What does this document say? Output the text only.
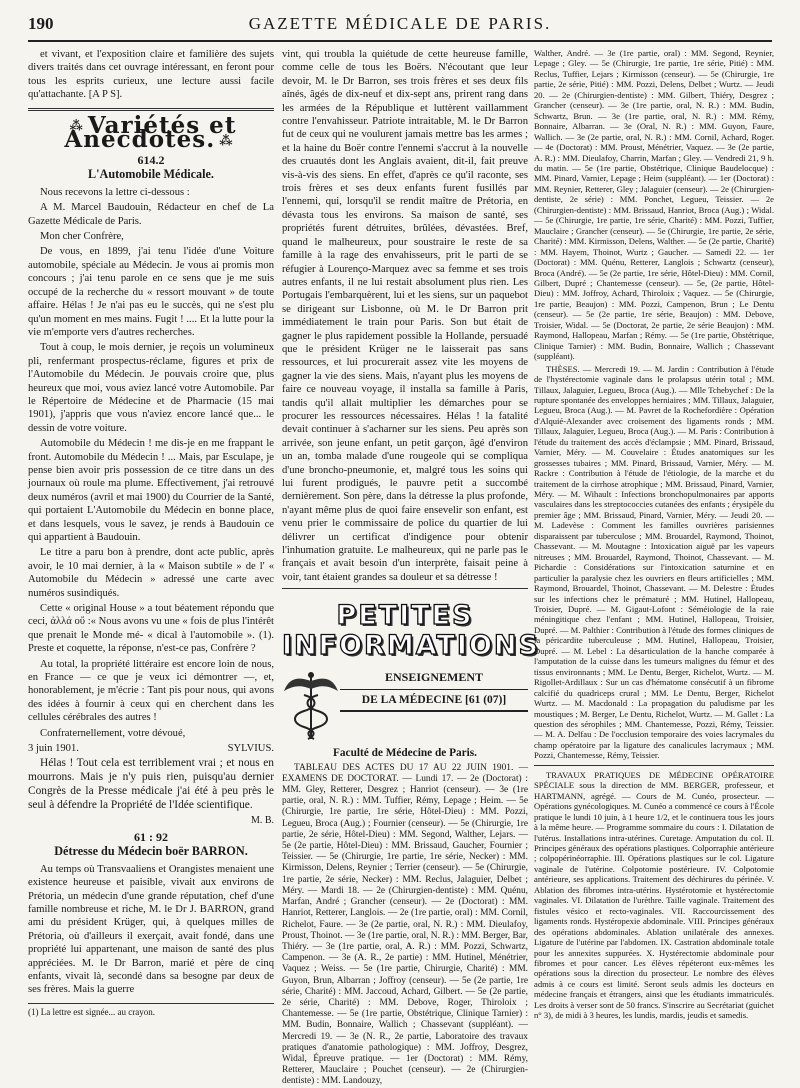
190	GAZETTE MÉDICALE DE PARIS.

et vivant, et l'exposition claire et familière des sujets divers traités dans cet ouvrage intéressant, en feront pour tous les esprits curieux, une lecture aussi facile qu'attachante. [A P S].

⁂ Variétés et Anecdotes. ⁂
614.2
L'Automobile Médicale.

Nous recevons la lettre ci-dessous :

A M. Marcel Baudouin, Rédacteur en chef de La Gazette Médicale de Paris.

Mon cher Confrère,

De vous, en 1899, j'ai tenu l'idée d'une Voiture automobile, spéciale au Médecin. Je vous ai promis mon concours ; j'ai tenu parole en ce sens que je me suis occupé de la recherche du « ressort mouvant » de toute affaire. Hélas ! Je n'ai pas eu le succès, qui ne s'est plu qu'un moment en mes mains. Fugit ! .... Et la lutte pour la vie m'emporte vers d'autres recherches.

Tout à coup, le mois dernier, je reçois un volumineux pli, renfermant prospectus-réclame, figures et prix de l'Automobile du Médecin. Je pouvais croire que, plus heureux que moi, vous aviez lancé votre Automobile. Par le Répertoire de Médecine et de Pharmacie (15 mai 1901), j'appris que vous n'aviez encore lancé que... le dessin de votre voiture.

Automobile du Médecin ! me dis-je en me frappant le front. Automobile du Médecin ! ... Mais, par Esculape, je pense bien avoir pris possession de ce titre dans un des journaux où roule ma plume. Effectivement, j'ai retrouvé deux numéros (avril et mai 1900) du Courrier de la Santé, qui portaient L'Automobile du Médecin en bonne place, et dans lesquels, vous le savez, je rends à Baudouin ce qui appartient à Baudouin.

Le titre a paru bon à prendre, dont acte public, après avoir, le 10 mai dernier, à la « Maison subtile » de l' « Automobile du Médecin » adressé une carte avec numéros susindiqués.

Cette « original House » a tout béatement répondu que ceci, ἀλλά οὔ :« Nous avons vu une « fois de plus l'intérêt que prenait le Monde mé- « dical à l'automobile ». (1). Preste et coquette, la réponse, n'est-ce pas, Confrère ?

Au total, la propriété littéraire est encore loin de nous, en France — ce que je veux ici démontrer —, et, honorablement, je m'écrie : Tant pis pour nous, qui avons des idées à fournir à ceux qui en cherchent dans les cellules cérébrales des autres !

Confraternellement, votre dévoué,

3 juin 1901.	SYLVIUS.

Hélas ! Tout cela est terriblement vrai ; et nous en mourrons. Mais je n'y puis rien, puisqu'au dernier Congrès de la Presse médicale j'ai été à peu près le seul à défendre la Propriété de l'Idée scientifique.

M. B.
61 : 92
Détresse du Médecin boër BARRON.

Au temps où Transvaaliens et Orangistes menaient une existence heureuse et paisible, vivait aux environs de Prétoria, un médecin d'une grande réputation, chef d'une famille nombreuse et riche, M. le Dr J. BARRON, grand ami du président Krüger, qui, à quelques milles de Prétoria, où d'ailleurs il exerçait, avait fondé, dans une propriété lui appartenant, une maison de santé des plus appréciées. M. le Dr Barron, marié et père de cinq enfants, vivait là, secondé dans sa besogne par deux de ses frères. Mais la guerre

(1) La lettre est signée... au crayon.

vint, qui troubla la quiétude de cette heureuse famille, comme celle de tous les Boërs. N'écoutant que leur devoir, M. le Dr Barron, ses trois frères et ses deux fils aînés, âgés de dix-neuf et dix-sept ans, prirent rang dans les armées de la République et luttèrent vaillamment contre l'envahisseur. Patriote intraitable, M. le Dr Barron fut de ceux qui ne voulurent jamais mettre bas les armes ; et la haine du Boër contre l'ennemi s'accrut à la nouvelle des cruautés dont les Anglais avaient, dit-il, fait preuve vis-à-vis des siens. En effet, d'après ce qu'il raconte, ses trois frères et ses deux enfants furent fusillés par l'ennemi, qui, lorsqu'il se rendit maître de Prétoria, en dévasta tous les environs. Sa maison de santé, ses propriétés furent détruites, brûlées, dévastées. Bref, quand le malheureux, pour soustraire le reste de sa famille à la rage des envahisseurs, prit le parti de se réfugier à Lourenço-Marquez avec sa femme et ses trois autres enfants, il ne lui restait absolument plus rien. Les Portugais l'embarquèrent, lui et les siens, sur un paquebot se dirigeant sur Lisbonne, où M. le Dr Barron prit immédiatement le train pour Paris. Son but était de gagner le plus rapidement possible la Hollande, persuadé que le président Krüger ne le laisserait pas sans ressources, et lui procurerait assez vite les moyens de gagner la vie des siens. Mais, n'ayant plus les moyens de faire ce nouveau voyage, il installa sa famille à Paris, tandis qu'il allait multiplier les démarches pour se procurer les ressources nécessaires. Hélas ! la fatalité devait continuer à s'acharner sur les siens. Peu après son arrivée, son jeune enfant, un petit garçon, âgé d'environ un an, tomba malade d'une rougeole qui se compliqua d'une broncho-pneumonie, et, malgré tous les soins qui lui furent prodigués, le pauvre petit a succombé dernièrement. Son père, dans la détresse la plus profonde, n'ayant même plus de quoi faire ensevelir son enfant, est venu prier le commissaire de police du quartier de lui délivrer un certificat d'indigence pour obtenir l'inhumation gratuite. Le malheureux, qui ne parle pas le français et avait besoin d'un interprète, faisait peine à voir, tant étaient grandes sa douleur et sa détresse !

PETITES
INFORMATIONS
ENSEIGNEMENT
DE LA MÉDECINE [61 (07)]
Faculté de Médecine de Paris.

TABLEAU DES ACTES DU 17 AU 22 JUIN 1901. — EXAMENS DE DOCTORAT. — Lundi 17. — 2e (Doctorat) : MM. Gley, Retterer, Desgrez ; Hanriot (censeur). — 3e (1re partie, oral, N. R.) : MM. Tuffier, Rémy, Lepage ; Heim. — 5e (Chirurgie, 1re partie, 1re série, Hôtel-Dieu) : MM. Pozzi, Legueu, Broca (Aug.) ; Fournier (censeur). — 5e (Chirurgie, 1re partie, 2e série, Hôtel-Dieu) : MM. Segond, Walther, Lejars. — 5e (2e partie, Hôtel-Dieu) : MM. Brissaud, Gaucher, Fournier ; Teissier. — 5e (Chirurgie, 1re partie, 1re série, Necker) : MM. Kirmisson, Delens, Reynier ; Terrier (censeur). — 5e (Chirurgie, 1re partie, 2e série, Necker) : MM. Reclus, Jalaguier, Delbet ; Méry. — Mardi 18. — 2e (Chirurgien-dentiste) : MM. Quénu, Marfan, André ; Grancher (censeur). — 2e (Doctorat) : MM. Hanriot, Retterer, Langlois. — 2e (1re partie, oral) : MM. Cornil, Richelot, Faure. — 3e (2e partie, oral, N. R.) : MM. Dieulafoy, Proust, Thoinot. — 3e (1re partie, oral, N. R.) : MM. Berger, Bar, Thiéry. — 3e (1re partie, oral, A. R.) : MM. Pozzi, Schwartz, Campenon. — 3e (A. R., 2e partie) : MM. Hutinel, Ménétrier, Vaquez ; Weiss. — 5e (1re partie, Chirurgie, Charité) : MM. Guyon, Brun, Albarran ; Joffroy (censeur). — 5e (2e partie, 1re série, Charité) : MM. Jaccoud, Achard, Gilbert. — 5e (2e partie, 2e série, Charité) : MM. Debove, Roger, Thiroloix ; Chantemesse. — 5e (1re partie, Obstétrique, Clinique Tarnier) : MM. Budin, Bonnaire, Wallich ; Chassevant (suppléant). — Mercredi 19. — 3e (N. R., 2e partie, Laboratoire des travaux pratiques d'anatomie pathologique) : MM. Joffroy, Desgrez, Widal, Épreuve pratique. — 1er (Doctorat) : MM. Rémy, Retterer, Mauclaire ; Pouchet (censeur). — 2e (Chirurgien-dentiste) : MM. Landouzy,

Walther, André. — 3e (1re partie, oral) : MM. Segond, Reynier, Lepage ; Gley. — 5e (Chirurgie, 1re partie, 1re série, Pitié) : MM. Reclus, Tuffier, Lejars ; Kirmisson (censeur). — 5e (Chirurgie, 1re partie, 2e série, Pitié) : MM. Pozzi, Delens, Delbet ; Wurtz. — Jeudi 20. — 2e (Chirurgien-dentiste) : MM. Gilbert, Thiéry, Desgrez ; Grancher (censeur). — 3e (1re partie, oral, N. R.) : MM. Budin, Schwartz, Brun. — 3e (1re partie, oral, N. R.) : MM. Rémy, Bonnaire, Albarran. — 3e (Oral, N. R.) : MM. Guyon, Faure, Wallich. — 3e (2e partie, oral, N. R.) : MM. Cornil, Achard, Roger. — 4e (Doctorat) : MM. Proust, Ménétrier, Vaquez. — 3e (2e partie, A. R.) : MM. Dieulafoy, Charrin, Marfan ; Gley. — Vendredi 21, 9 h. du matin. — 5e (1re partie, Obstétrique, Clinique Baudelocque) : MM. Pinard, Varnier, Lepage ; Heim (suppléant). — 1er (Doctorat) : MM. Reynier, Retterer, Gley ; Jalaguier (censeur). — 2e (Chirurgien-dentiste, 2e série) : MM. Ponchet, Legueu, Teissier. — 2e (Chirurgien-dentiste) : MM. Brissaud, Hanriot, Broca (Aug.) ; Widal. — 5e (Chirurgie, 1re partie, 1re série, Charité) : MM. Pozzi, Tuffier, Mauclaire ; Grancher (censeur). — 5e (Chirurgie, 1re partie, 2e série, Charité) : MM. Kirmisson, Delens, Walther. — 5e (2e partie, Charité) : MM. Hayem, Thoinot, Wurtz ; Gaucher. — Samedi 22. — 1er (Doctorat) : MM. Quénu, Retterer, Langlois ; Schwartz (censeur), Broca (André). — 5e (2e partie, 1re série, Hôtel-Dieu) : MM. Cornil, Gilbert, Dupré ; Chantemesse (censeur). — 5e, (2e partie, Hôtel-Dieu) : MM. Joffroy, Achard, Thiroloix ; Vaquez. — 5e (Chirurgie, 1re partie, Beaujon) : MM. Pozzi, Campenon, Brun ; Le Dentu (censeur). — 5e (2e partie, 1re série, Beaujon) : MM. Debove, Troisier, Widal. — 5e (Doctorat, 2e partie, 2e série Beaujon) : MM. Raymond, Hallopeau, Marfan ; Rémy. — 5e (1re partie, Obstétrique, Clinique Tarnier) : MM. Budin, Bonnaire, Wallich ; Chassevant (suppléant).

THÈSES. — Mercredi 19. — M. Jardin : Contribution à l'étude de l'hystérectomie vaginale dans le prolapsus utérin total ; MM. Tillaux, Jalaguier, Legueu, Broca (Aug.). — Mlle Tchebychef : De la rupture spontanée des enveloppes herniaires ; MM. Tillaux, Jalaguier, Legueu, Broca (Aug.). — M. Pavret de la Rochefordière : Opération d'Alquié-Alexander avec croisement des ligaments ronds ; MM. Tillaux, Jalaguier, Legueu, Broca (Aug.). — M. Paris : Contribution à l'étude du traitement des accès d'éclampsie ; MM. Pinard, Brissaud, Varnier, Méry. — M. Couvelaire : Études anatomiques sur les grossesses tubaires ; MM. Pinard, Brissaud, Varnier, Méry. — M. Rackre : Contribution à l'étude de l'étiologie, de la marche et du traitement de la cirrhose atrophique ; MM. Brissaud, Pinard, Varnier, Méry. — M. Wihault : Infections bronchopulmonaires par apports vasculaires dans les streptococcies cutanées des enfants ; érysipèle du premier âge ; MM. Brissaud, Pinard, Varnier, Méry. — Jeudi 20. — M. Ladevèse : Comment les familles ouvrières parisiennes disparaissent par tuberculose ; MM. Brouardel, Raymond, Thoinot, Chassevant. — M. Moutagne : Intoxication aiguë par les vapeurs nitreuses ; MM. Brouardel, Raymond, Thoinot, Chassevant. — M. Pichardie : Considérations sur l'intoxication saturnine et en particulier la paralysie chez les ouvriers en fleurs artificielles ; MM. Raymond, Brouardel, Thoinot, Chassevant. — M. Delestre : Études sur les infections chez le prématuré ; MM. Hutinel, Hallopeau, Troisier, Dupré. — M. Gigaut-Lofont : Séméiologie de la raie méningitique chez l'enfant ; MM. Hutinel, Hallopeau, Troisier, Dupré. — M. Palthier : Contribution à l'étude des formes cliniques de la péricardite tuberculeuse ; MM. Hutinel, Hallopeau, Troisier, Dupré. — M. Lebel : La désarticulation de la hanche comparée à l'amputation de la cuisse dans les tumeurs malignes du fémur et des tissus environnants ; MM. Le Dentu, Berger, Richelot, Wurtz. — M. Rigollet-Ardillaux : Sur un cas d'hématome consécutif à un fibrome calcifié du quadriceps crural ; MM. Le Dentu, Berger, Richelot Wurtz. — M. Macdonald : La propagation du paludisme par les moustiques ; M. Berger, Le Dentu, Richelot, Wurtz. — M. Gallet : La question des sérophiles ; MM. Chantemesse, Pozzi, Rémy, Teissier. — M. A. Delfau : De l'occlusion temporaire des voies lacrymales du champ opératoire par la ligature des canalicules lacrymaux ; MM. Pozzi, Chantemesse, Rémy, Teissier.

TRAVAUX PRATIQUES DE MÉDECINE OPÉRATOIRE SPÉCIALE sous la direction de MM. BERGER, professeur, et HARTMANN, agrégé. — Cours de M. Cunéo, prosecteur. — Opérations gynécologiques. M. Cunéo a commencé ce cours à l'École pratique le lundi 10 juin, à 1 heure 1/2, et le continuera tous les jours à la même heure. — Programme sommaire du cours : I. Dilatation de l'utérus. Installations intra-utérines. Curetage. Amputation du col. II. Principes généraux des opérations plastiques. Colporraphie antérieure ; colpopérinéorraphie. III. Opérations plastiques sur le col. Ligature vaginale de l'utérine. Colpotomie postérieure. IV. Colpotomie antérieure, ses applications. Traitement des déchirures du périnée. V. Ablation des fibromes intra-utérins. Hystérotomie et hystérectomie vaginales. VI. Dilatation de l'urèthre. Taille vaginale. Traitement des fistules vésico et recto-vaginales. VII. Raccourcissement des ligaments ronds. Hystéropexie abdominale. VIII. Principes généraux des opérations abdominales. Ablation unilatérale des annexes. Ligature de l'utérine par l'abdomen. IX. Castration abdominale totale pour les annexites suppurées. X. Hystérectomie abdominale pour fibromes et pour cancer. Les élèves répéteront eux-mêmes les opérations sous la direction du prosecteur. Le nombre des élèves admis à ce cours est limité. Seront seuls admis les docteurs en médecine français et étrangers, ainsi que les étudiants immatriculés. Les droits à verser sont de 50 francs. S'inscrire au Secrétariat (guichet n° 3), de midi à 3 heures, les lundis, mardis, jeudis et samedis.
